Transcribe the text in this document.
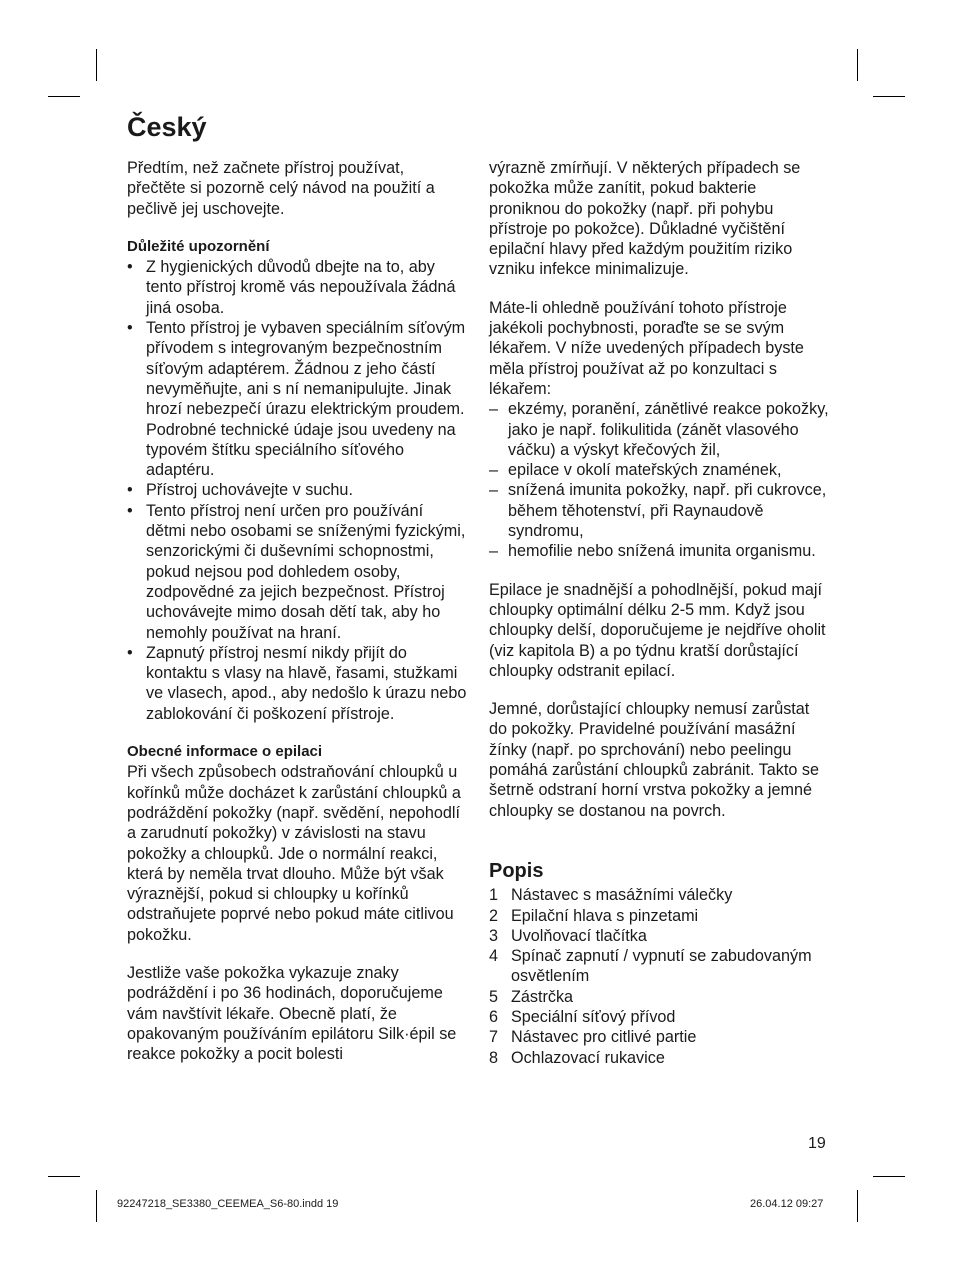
Český

Předtím, než začnete přístroj používat, přečtěte si pozorně celý návod na použití a pečlivě jej uschovejte.

Důležité upozornění

• Z hygienických důvodů dbejte na to, aby tento přístroj kromě vás nepoužívala žádná jiná osoba.
• Tento přístroj je vybaven speciálním síťovým přívodem s integrovaným bezpečnostním síťovým adaptérem. Žádnou z jeho částí nevyměňujte, ani s ní nemanipulujte. Jinak hrozí nebezpečí úrazu elektrickým proudem. Podrobné technické údaje jsou uvedeny na typovém štítku speciálního síťového adaptéru.
• Přístroj uchovávejte v suchu.
• Tento přístroj není určen pro používání dětmi nebo osobami se sníženými fyzickými, senzorickými či duševními schopnostmi, pokud nejsou pod dohledem osoby, zodpovědné za jejich bezpečnost. Přístroj uchovávejte mimo dosah dětí tak, aby ho nemohly používat na hraní.
• Zapnutý přístroj nesmí nikdy přijít do kontaktu s vlasy na hlavě, řasami, stužkami ve vlasech, apod., aby nedošlo k úrazu nebo zablokování či poškození přístroje.

Obecné informace o epilaci

Při všech způsobech odstraňování chloupků u kořínků může docházet k zarůstání chloupků a podráždění pokožky (např. svědění, nepohodlí a zarudnutí pokožky) v závislosti na stavu pokožky a chloupků. Jde o normální reakci, která by neměla trvat dlouho. Může být však výraznější, pokud si chloupky u kořínků odstraňujete poprvé nebo pokud máte citlivou pokožku.

Jestliže vaše pokožka vykazuje znaky podráždění i po 36 hodinách, doporučujeme vám navštívit lékaře. Obecně platí, že opakovaným používáním epilátoru Silk·épil se reakce pokožky a pocit bolesti

výrazně zmírňují. V některých případech se pokožka může zanítit, pokud bakterie proniknou do pokožky (např. při pohybu přístroje po pokožce). Důkladné vyčištění epilační hlavy před každým použitím riziko vzniku infekce minimalizuje.

Máte-li ohledně používání tohoto přístroje jakékoli pochybnosti, poraďte se se svým lékařem. V níže uvedených případech byste měla přístroj používat až po konzultaci s lékařem:

– ekzémy, poranění, zánětlivé reakce pokožky, jako je např. folikulitida (zánět vlasového váčku) a výskyt křečových žil,
– epilace v okolí mateřských znamének,
– snížená imunita pokožky, např. při cukrovce, během těhotenství, při Raynaudově syndromu,
– hemofilie nebo snížená imunita organismu.

Epilace je snadnější a pohodlnější, pokud mají chloupky optimální délku 2-5 mm. Když jsou chloupky delší, doporučujeme je nejdříve oholit (viz kapitola B) a po týdnu kratší dorůstající chloupky odstranit epilací.

Jemné, dorůstající chloupky nemusí zarůstat do pokožky. Pravidelné používání masážní žínky (např. po sprchování) nebo peelingu pomáhá zarůstání chloupků zabránit. Takto se šetrně odstraní horní vrstva pokožky a jemné chloupky se dostanou na povrch.

Popis
1 Nástavec s masážními válečky
2 Epilační hlava s pinzetami
3 Uvolňovací tlačítka
4 Spínač zapnutí / vypnutí se zabudovaným osvětlením
5 Zástrčka
6 Speciální síťový přívod
7 Nástavec pro citlivé partie
8 Ochlazovací rukavice
19
92247218_SE3380_CEEMEA_S6-80.indd 19	26.04.12 09:27
